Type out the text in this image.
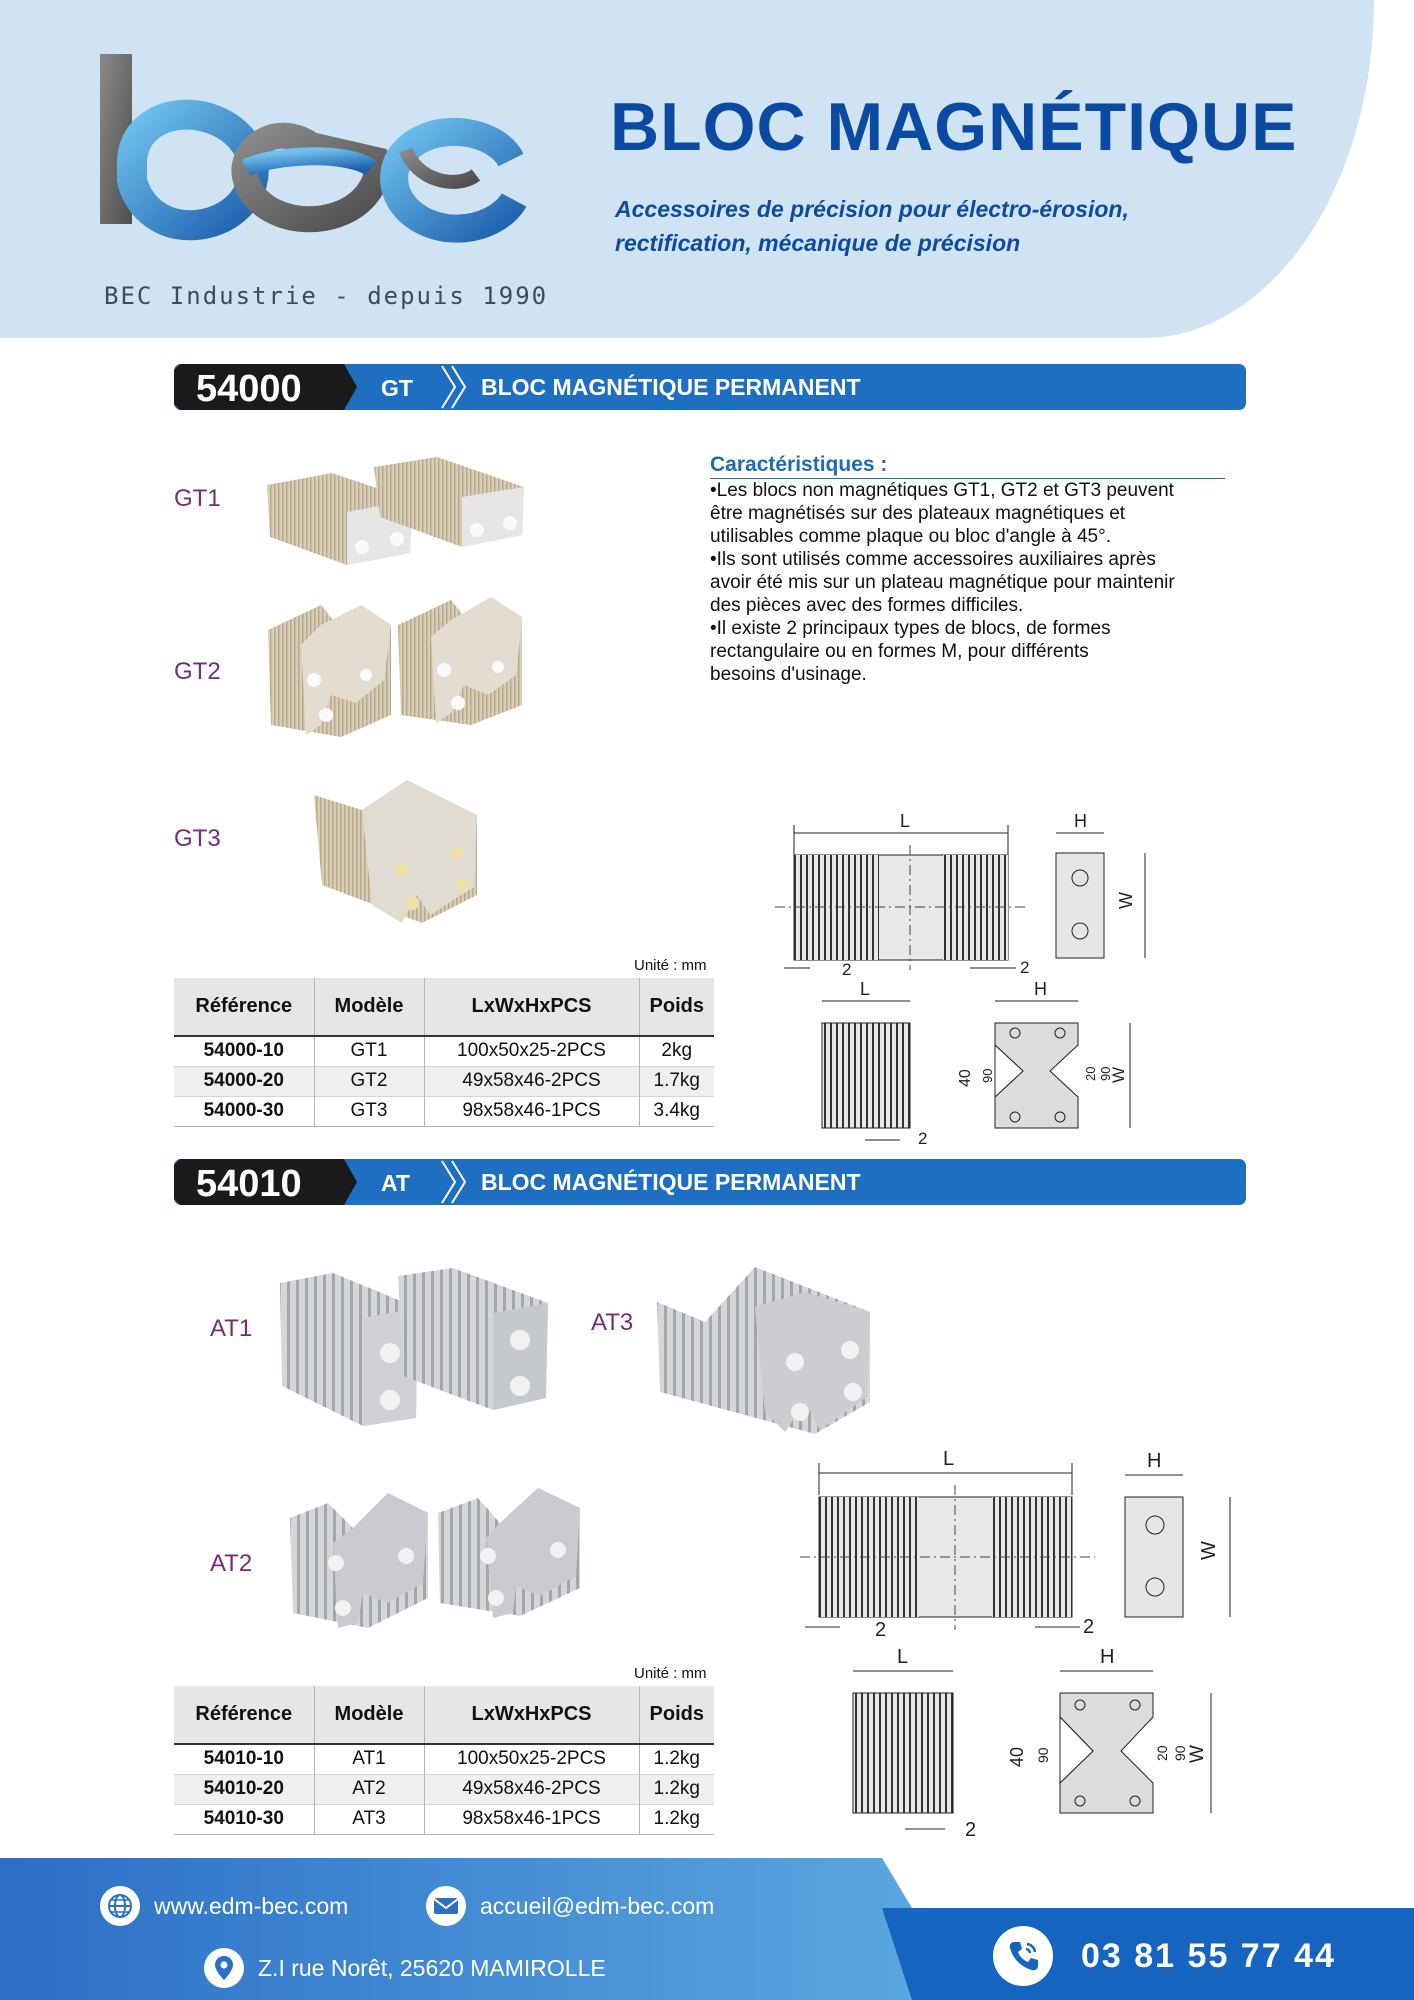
BEC Industrie - depuis 1990
BLOC MAGNÉTIQUE
Accessoires de précision pour électro-érosion,
rectification, mécanique de précision
54000	GT	BLOC MAGNÉTIQUE PERMANENT
GT1
GT2
GT3
Caractéristiques :
•Les blocs non magnétiques GT1, GT2 et GT3 peuvent
être magnétisés sur des plateaux magnétiques et
utilisables comme plaque ou bloc d'angle à 45°.
•Ils sont utilisés comme accessoires auxiliaires après
avoir été mis sur un plateau magnétique pour maintenir
des pièces avec des formes difficiles.
•Il existe 2 principaux types de blocs, de formes
rectangulaire ou en formes M, pour différents
besoins d'usinage.
Unité : mm
Référence	Modèle	LxWxHxPCS	Poids
54000-10	GT1	100x50x25-2PCS	2kg
54000-20	GT2	49x58x46-2PCS	1.7kg
54000-30	GT3	98x58x46-1PCS	3.4kg
L
2	2
H
W
L
2
H
40 90	20 90
W
54010	AT	BLOC MAGNÉTIQUE PERMANENT
AT1	AT3
AT2
Unité : mm
Référence	Modèle	LxWxHxPCS	Poids
54010-10	AT1	100x50x25-2PCS	1.2kg
54010-20	AT2	49x58x46-2PCS	1.2kg
54010-30	AT3	98x58x46-1PCS	1.2kg
L
2	2
H
W
L
2
H
40 90	20 90 W
www.edm-bec.com	accueil@edm-bec.com
Z.I rue Norêt, 25620 MAMIROLLE	03 81 55 77 44
